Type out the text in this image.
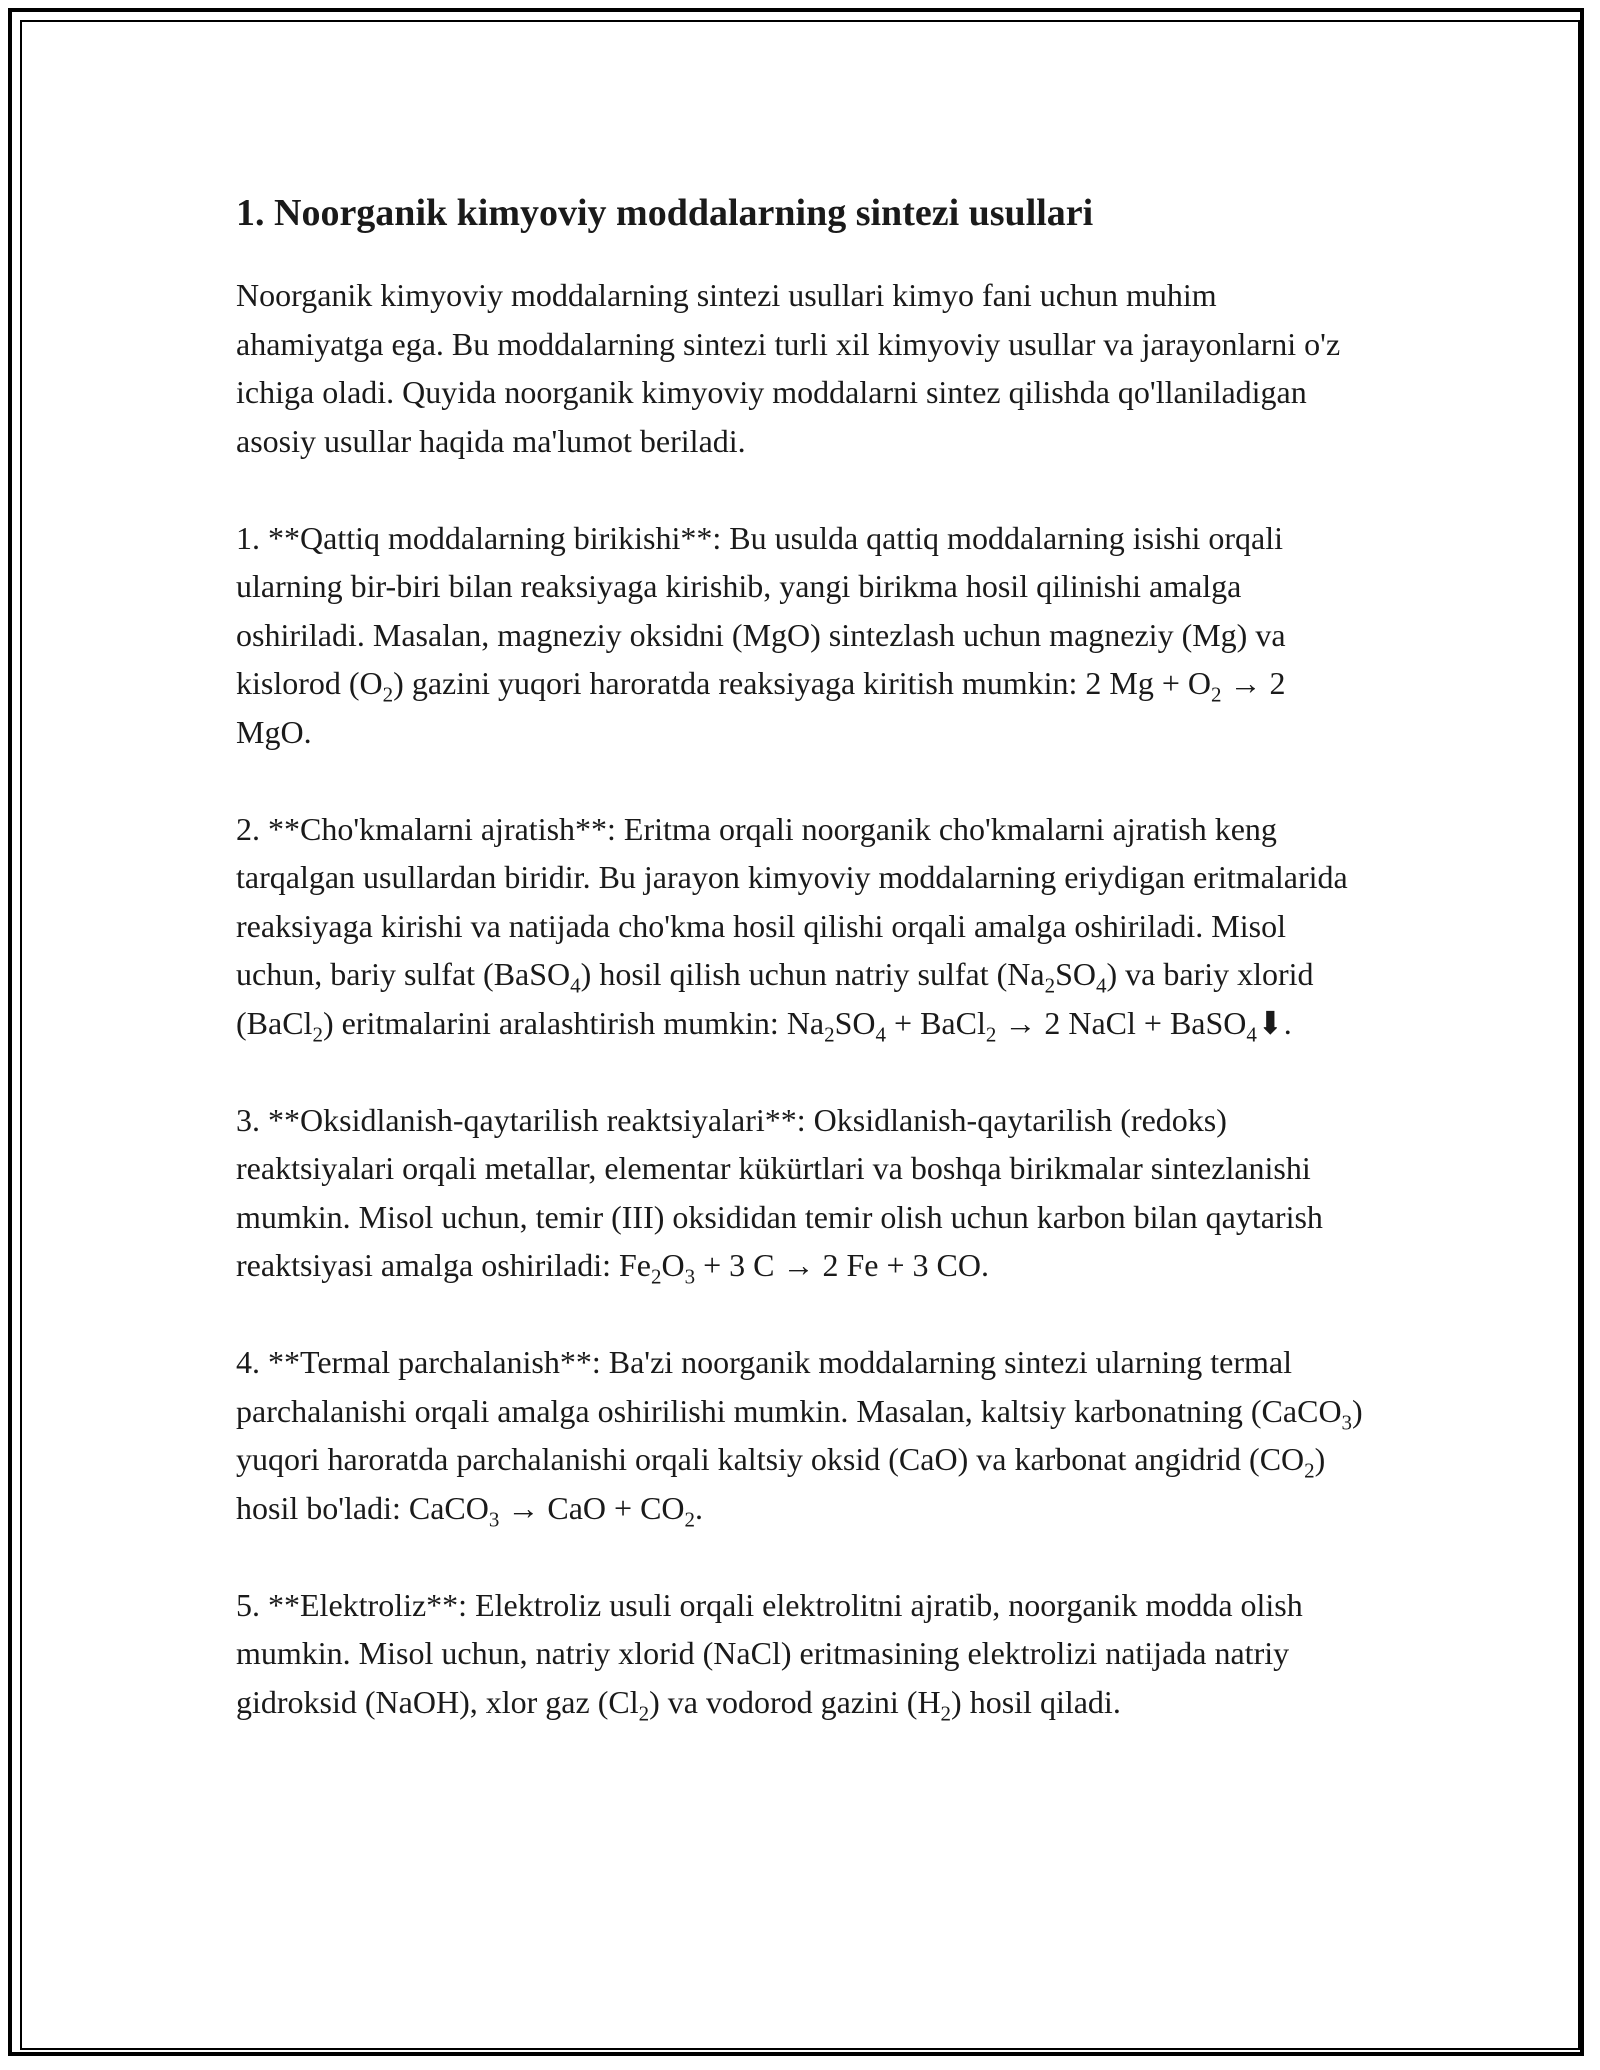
1. Noorganik kimyoviy moddalarning sintezi usullari

Noorganik kimyoviy moddalarning sintezi usullari kimyo fani uchun muhim ahamiyatga ega. Bu moddalarning sintezi turli xil kimyoviy usullar va jarayonlarni o'z ichiga oladi. Quyida noorganik kimyoviy moddalarni sintez qilishda qo'llaniladigan asosiy usullar haqida ma'lumot beriladi.

1. **Qattiq moddalarning birikishi**: Bu usulda qattiq moddalarning isishi orqali ularning bir-biri bilan reaksiyaga kirishib, yangi birikma hosil qilinishi amalga oshiriladi. Masalan, magneziy oksidni (MgO) sintezlash uchun magneziy (Mg) va kislorod $(O_2)$ gazini yuqori haroratda reaksiyaga kiritish mumkin: 2 $Mg + O_2 \to 2$ MgO.

2. **Cho'kmalarni ajratish**: Eritma orqali noorganik cho'kmalarni ajratish keng tarqalgan usullardan biridir. Bu jarayon kimyoviy moddalarning eriydigan eritmalarida reaksiyaga kirishi va natijada cho'kma hosil qilishi orqali amalga oshiriladi. Misol uchun, bariy sulfat (BaSO$_4$) hosil qilish uchun natriy sulfat $(Na_2SO_4)$ va bariy xlorid (BaCl$_2$) eritmalarini aralashtirish mumkin: $Na_2SO_4$ + BaCl$_2$ → 2 NaCl + BaSO$_4$⬇.

3. **Oksidlanish-qaytarilish reaktsiyalari**: Oksidlanish-qaytarilish (redoks) reaktsiyalari orqali metallar, elementar kükürtlari va boshqa birikmalar sintezlanishi mumkin. Misol uchun, temir (III) oksididan temir olish uchun karbon bilan qaytarish reaktsiyasi amalga oshiriladi: $Fe_2O_3 + 3$ C → 2 Fe + 3 CO.

4. **Termal parchalanish**: Ba'zi noorganik moddalarning sintezi ularning termal parchalanishi orqali amalga oshirilishi mumkin. Masalan, kaltsiy karbonatning (CaCO$_3$) yuqori haroratda parchalanishi orqali kaltsiy oksid (CaO) va karbonat angidrid $(CO_2)$ hosil bo'ladi: CaCO$_3$ → CaO + $CO_2$.

5. **Elektroliz**: Elektroliz usuli orqali elektrolitni ajratib, noorganik modda olish mumkin. Misol uchun, natriy xlorid (NaCl) eritmasining elektrolizi natijada natriy gidroksid (NaOH), xlor gaz $(Cl_2)$ va vodorod gazini $(H_2)$ hosil qiladi.
